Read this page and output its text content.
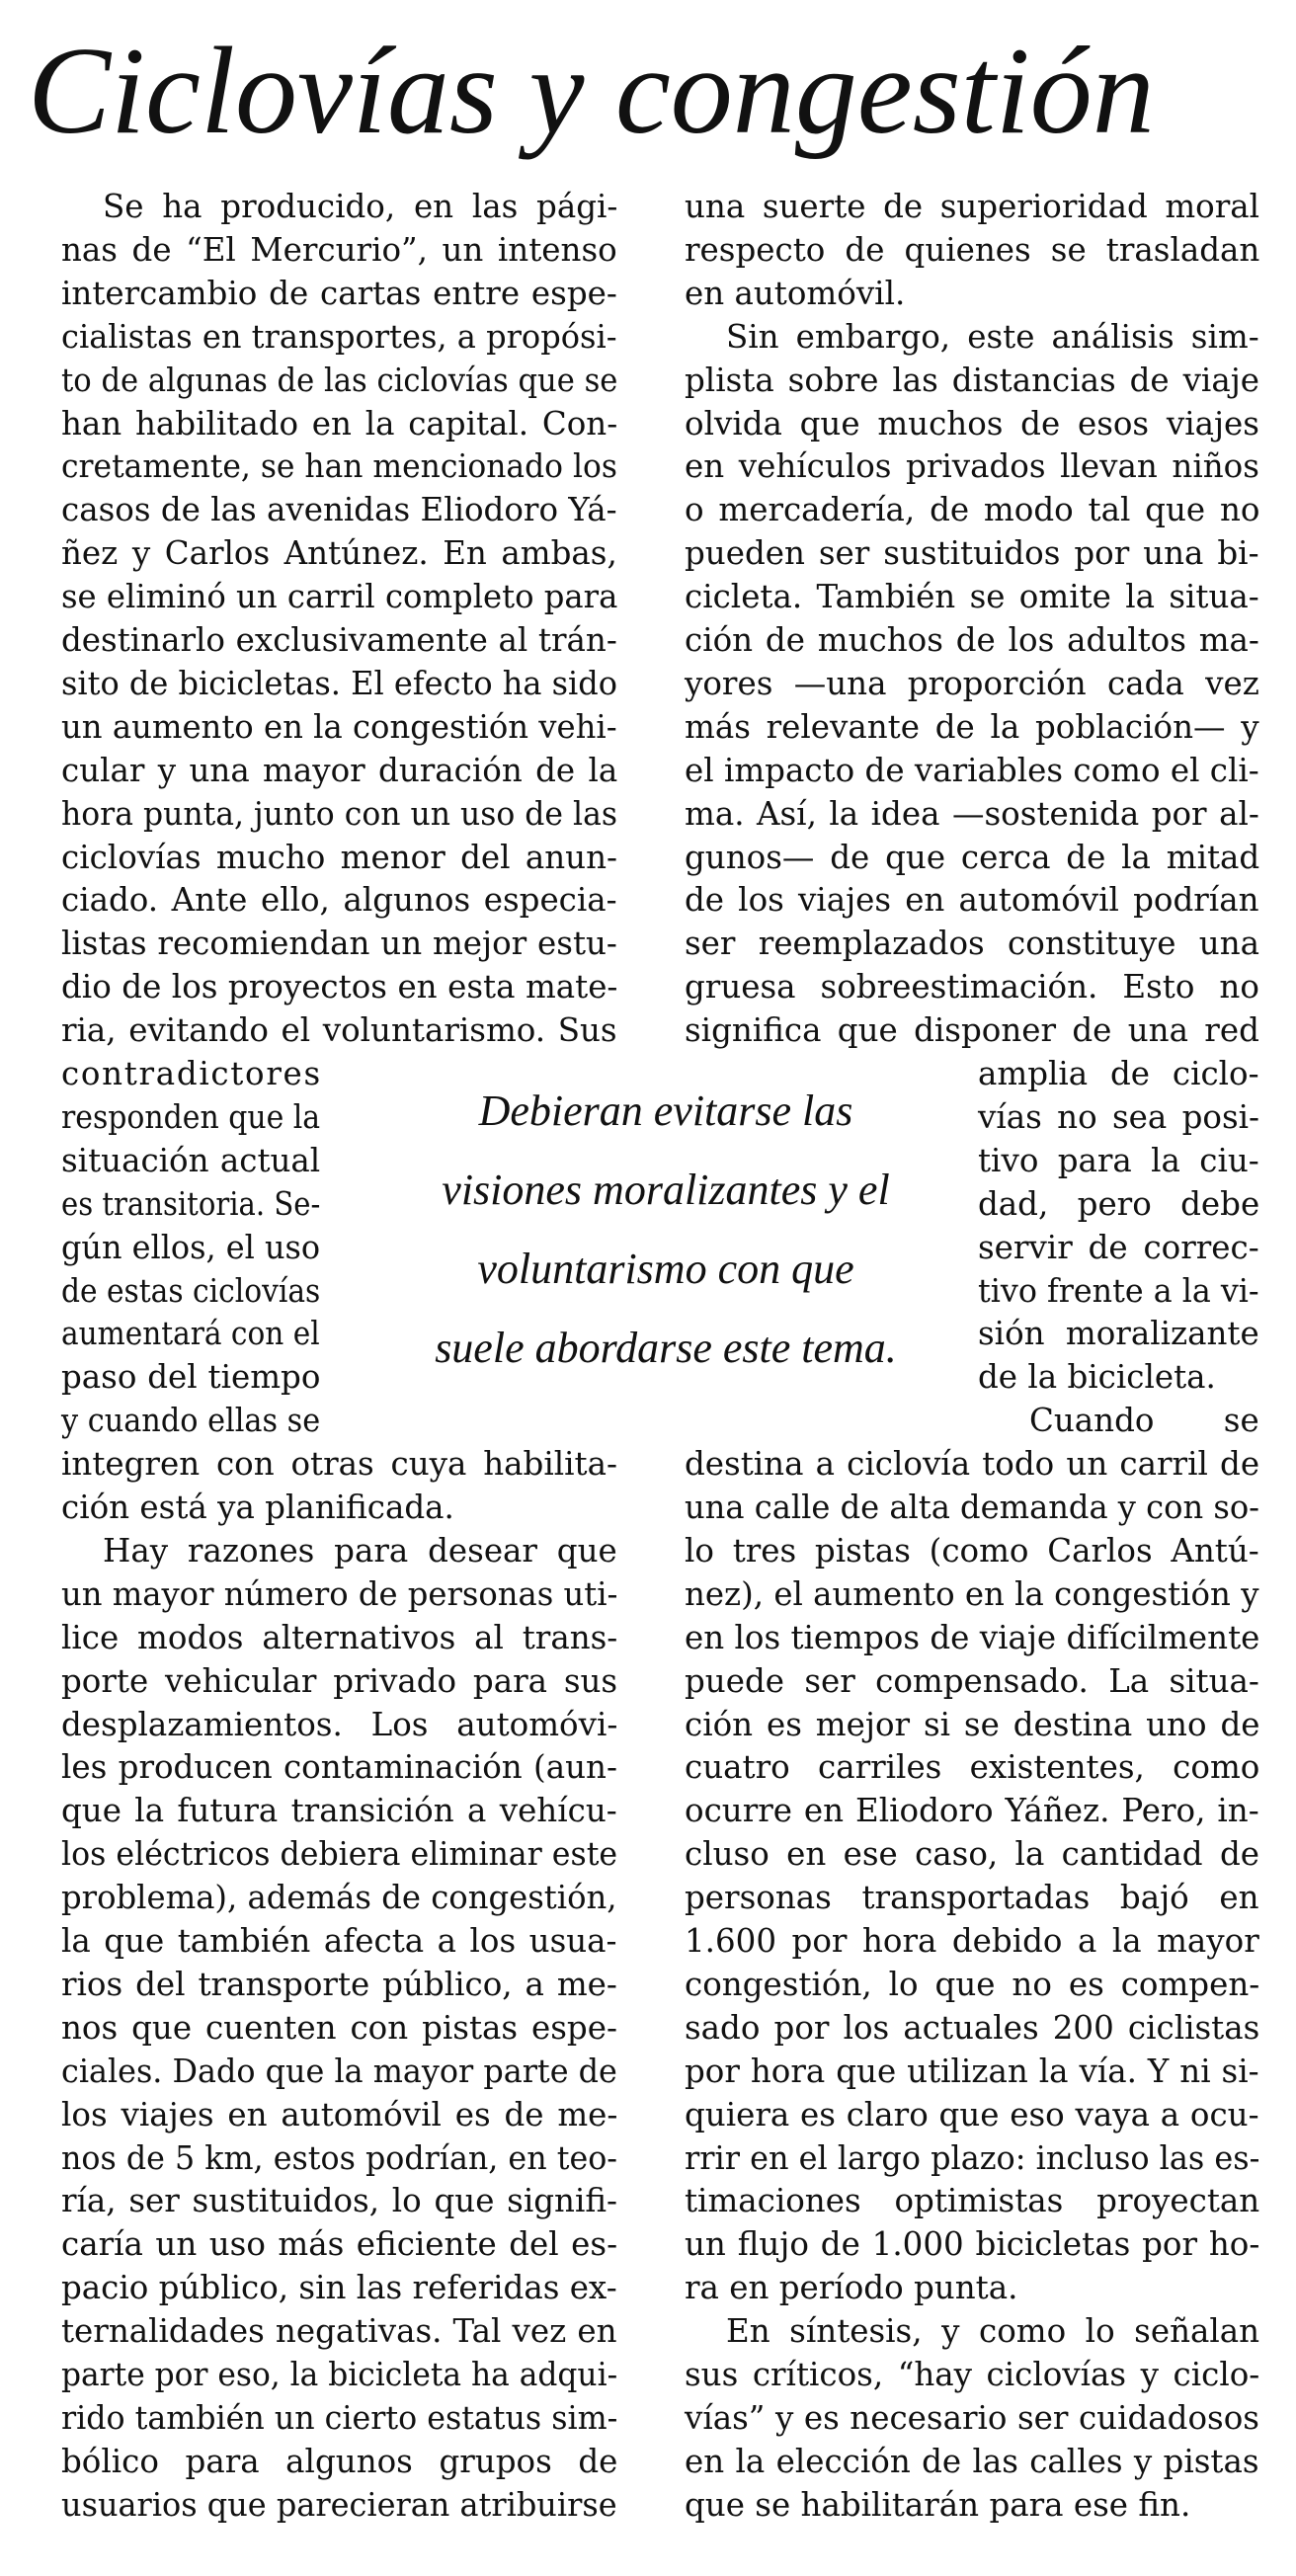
Ciclovías y congestión
Se ha producido, en las pági-
nas de “El Mercurio”, un intenso
intercambio de cartas entre espe-
cialistas en transportes, a propósi-
to de algunas de las ciclovías que se
han habilitado en la capital. Con-
cretamente, se han mencionado los
casos de las avenidas Eliodoro Yá-
ñez y Carlos Antúnez. En ambas,
se eliminó un carril completo para
destinarlo exclusivamente al trán-
sito de bicicletas. El efecto ha sido
un aumento en la congestión vehi-
cular y una mayor duración de la
hora punta, junto con un uso de las
ciclovías mucho menor del anun-
ciado. Ante ello, algunos especia-
listas recomiendan un mejor estu-
dio de los proyectos en esta mate-
ria, evitando el voluntarismo. Sus
contradictores
responden que la
situación actual
es transitoria. Se-
gún ellos, el uso
de estas ciclovías
aumentará con el
paso del tiempo
y cuando ellas se
integren con otras cuya habilita-
ción está ya planificada.
Hay razones para desear que
un mayor número de personas uti-
lice modos alternativos al trans-
porte vehicular privado para sus
desplazamientos. Los automóvi-
les producen contaminación (aun-
que la futura transición a vehícu-
los eléctricos debiera eliminar este
problema), además de congestión,
la que también afecta a los usua-
rios del transporte público, a me-
nos que cuenten con pistas espe-
ciales. Dado que la mayor parte de
los viajes en automóvil es de me-
nos de 5 km, estos podrían, en teo-
ría, ser sustituidos, lo que signifi-
caría un uso más eficiente del es-
pacio público, sin las referidas ex-
ternalidades negativas. Tal vez en
parte por eso, la bicicleta ha adqui-
rido también un cierto estatus sim-
bólico para algunos grupos de
usuarios que parecieran atribuirse
una suerte de superioridad moral
respecto de quienes se trasladan
en automóvil.
Sin embargo, este análisis sim-
plista sobre las distancias de viaje
olvida que muchos de esos viajes
en vehículos privados llevan niños
o mercadería, de modo tal que no
pueden ser sustituidos por una bi-
cicleta. También se omite la situa-
ción de muchos de los adultos ma-
yores —una proporción cada vez
más relevante de la población— y
el impacto de variables como el cli-
ma. Así, la idea —sostenida por al-
gunos— de que cerca de la mitad
de los viajes en automóvil podrían
ser reemplazados constituye una
gruesa sobreestimación. Esto no
significa que disponer de una red
amplia de ciclo-
vías no sea posi-
tivo para la ciu-
dad, pero debe
servir de correc-
tivo frente a la vi-
sión moralizante
de la bicicleta.
Cuando se
destina a ciclovía todo un carril de
una calle de alta demanda y con so-
lo tres pistas (como Carlos Antú-
nez), el aumento en la congestión y
en los tiempos de viaje difícilmente
puede ser compensado. La situa-
ción es mejor si se destina uno de
cuatro carriles existentes, como
ocurre en Eliodoro Yáñez. Pero, in-
cluso en ese caso, la cantidad de
personas transportadas bajó en
1.600 por hora debido a la mayor
congestión, lo que no es compen-
sado por los actuales 200 ciclistas
por hora que utilizan la vía. Y ni si-
quiera es claro que eso vaya a ocu-
rrir en el largo plazo: incluso las es-
timaciones optimistas proyectan
un flujo de 1.000 bicicletas por ho-
ra en período punta.
En síntesis, y como lo señalan
sus críticos, “hay ciclovías y ciclo-
vías” y es necesario ser cuidadosos
en la elección de las calles y pistas
que se habilitarán para ese fin.
Debieran evitarse las
visiones moralizantes y el
voluntarismo con que
suele abordarse este tema.
